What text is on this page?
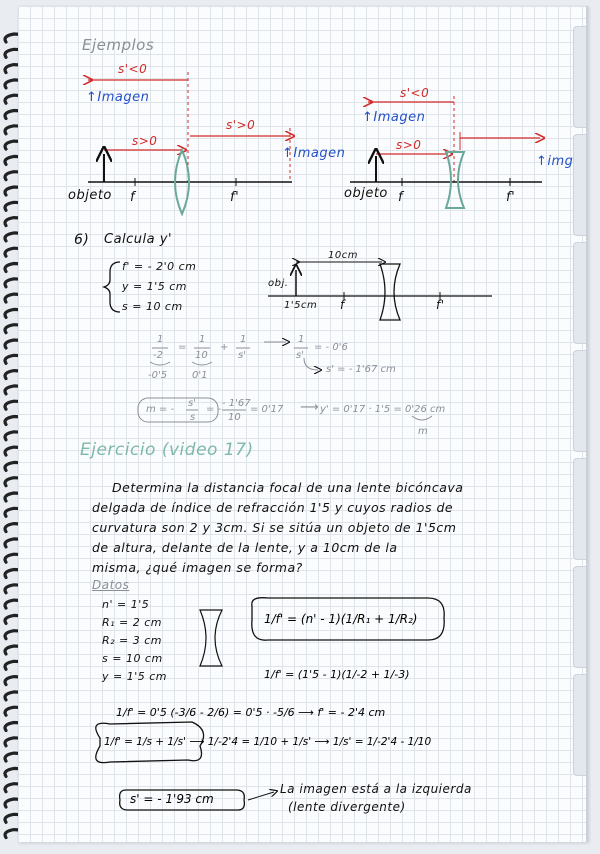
Ejemplos
s'<0
↑Imagen
s>0
s'>0
↑Imagen
objeto f	f'
s'<0
↑Imagen
s>0
↑img
objeto f	f'
6) Calcula y'
f' = - 2'0 cm
y = 1'5 cm
s = 10 cm
10cm
obj.
1'5cm f	f'
1
-2
=
1
10
+
1
s'
1
s'
= - 0'6
-0'5 0'1
s' = - 1'67 cm
m = -
s'
s
= -
- 1'67
10
= 0'17 ⟶ y' = 0'17 · 1'5 = 0'26 cm
m
Ejercicio (video 17)
Determina la distancia focal de una lente bicóncava
delgada de índice de refracción 1'5 y cuyos radios de
curvatura son 2 y 3cm. Si se sitúa un objeto de 1'5cm
de altura, delante de la lente, y a 10cm de la
misma, ¿qué imagen se forma?
Datos
n' = 1'5
R₁ = 2 cm
R₂ = 3 cm
s = 10 cm
y = 1'5 cm
1/f' = (n' - 1)(1/R₁ + 1/R₂)
1/f' = (1'5 - 1)(1/-2 + 1/-3)
1/f' = 0'5 (-3/6 - 2/6) = 0'5 · -5/6 ⟶ f' = - 2'4 cm
1/f' = 1/s + 1/s' ⟶ 1/-2'4 = 1/10 + 1/s' ⟶ 1/s' = 1/-2'4 - 1/10
s' = - 1'93 cm
La imagen está a la izquierda
(lente divergente)
